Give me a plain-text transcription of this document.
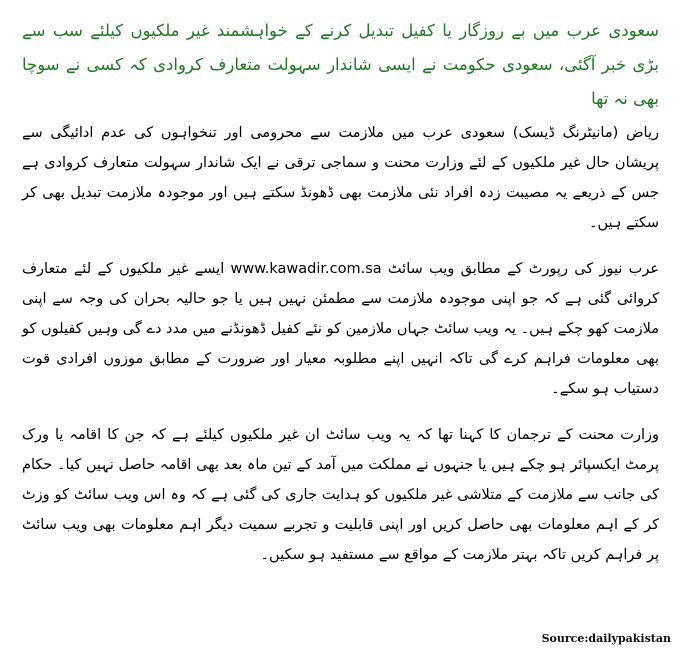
سعودی عرب میں بے روزگار یا کفیل تبدیل کرنے کے خواہشمند غیر ملکیوں کیلئے سب سے بڑی خبر آگئی، سعودی حکومت نے ایسی شاندار سہولت متعارف کروادی کہ کسی نے سوچا بھی نہ تھا

ریاض (مانیٹرنگ ڈیسک) سعودی عرب میں ملازمت سے محرومی اور تنخواہوں کی عدم ادائیگی سے پریشان حال غیر ملکیوں کے لئے وزارت محنت و سماجی ترقی نے ایک شاندار سہولت متعارف کروادی ہے جس کے ذریعے یہ مصیبت زدہ افراد نئی ملازمت بھی ڈھونڈ سکتے ہیں اور موجودہ ملازمت تبدیل بھی کر سکتے ہیں۔

عرب نیوز کی رپورٹ کے مطابق ویب سائٹ www.kawadir.com.sa ایسے غیر ملکیوں کے لئے متعارف کروائی گئی ہے کہ جو اپنی موجودہ ملازمت سے مطمئن نہیں ہیں یا جو حالیہ بحران کی وجہ سے اپنی ملازمت کھو چکے ہیں۔ یہ ویب سائٹ جہاں ملازمین کو نئے کفیل ڈھونڈنے میں مدد دے گی وہیں کفیلوں کو بھی معلومات فراہم کرے گی تاکہ انہیں اپنے مطلوبہ معیار اور ضرورت کے مطابق موزوں افرادی قوت دستیاب ہو سکے۔

وزارت محنت کے ترجمان کا کہنا تھا کہ یہ ویب سائٹ ان غیر ملکیوں کیلئے ہے کہ جن کا اقامہ یا ورک پرمٹ ایکسپائر ہو چکے ہیں یا جنہوں نے مملکت میں آمد کے تین ماہ بعد بھی اقامہ حاصل نہیں کیا۔ حکام کی جانب سے ملازمت کے متلاشی غیر ملکیوں کو ہدایت جاری کی گئی ہے کہ وہ اس ویب سائٹ کو وزٹ کر کے اہم معلومات بھی حاصل کریں اور اپنی قابلیت و تجربے سمیت دیگر اہم معلومات بھی ویب سائٹ پر فراہم کریں تاکہ بہتر ملازمت کے مواقع سے مستفید ہو سکیں۔

Source:dailypakistan
